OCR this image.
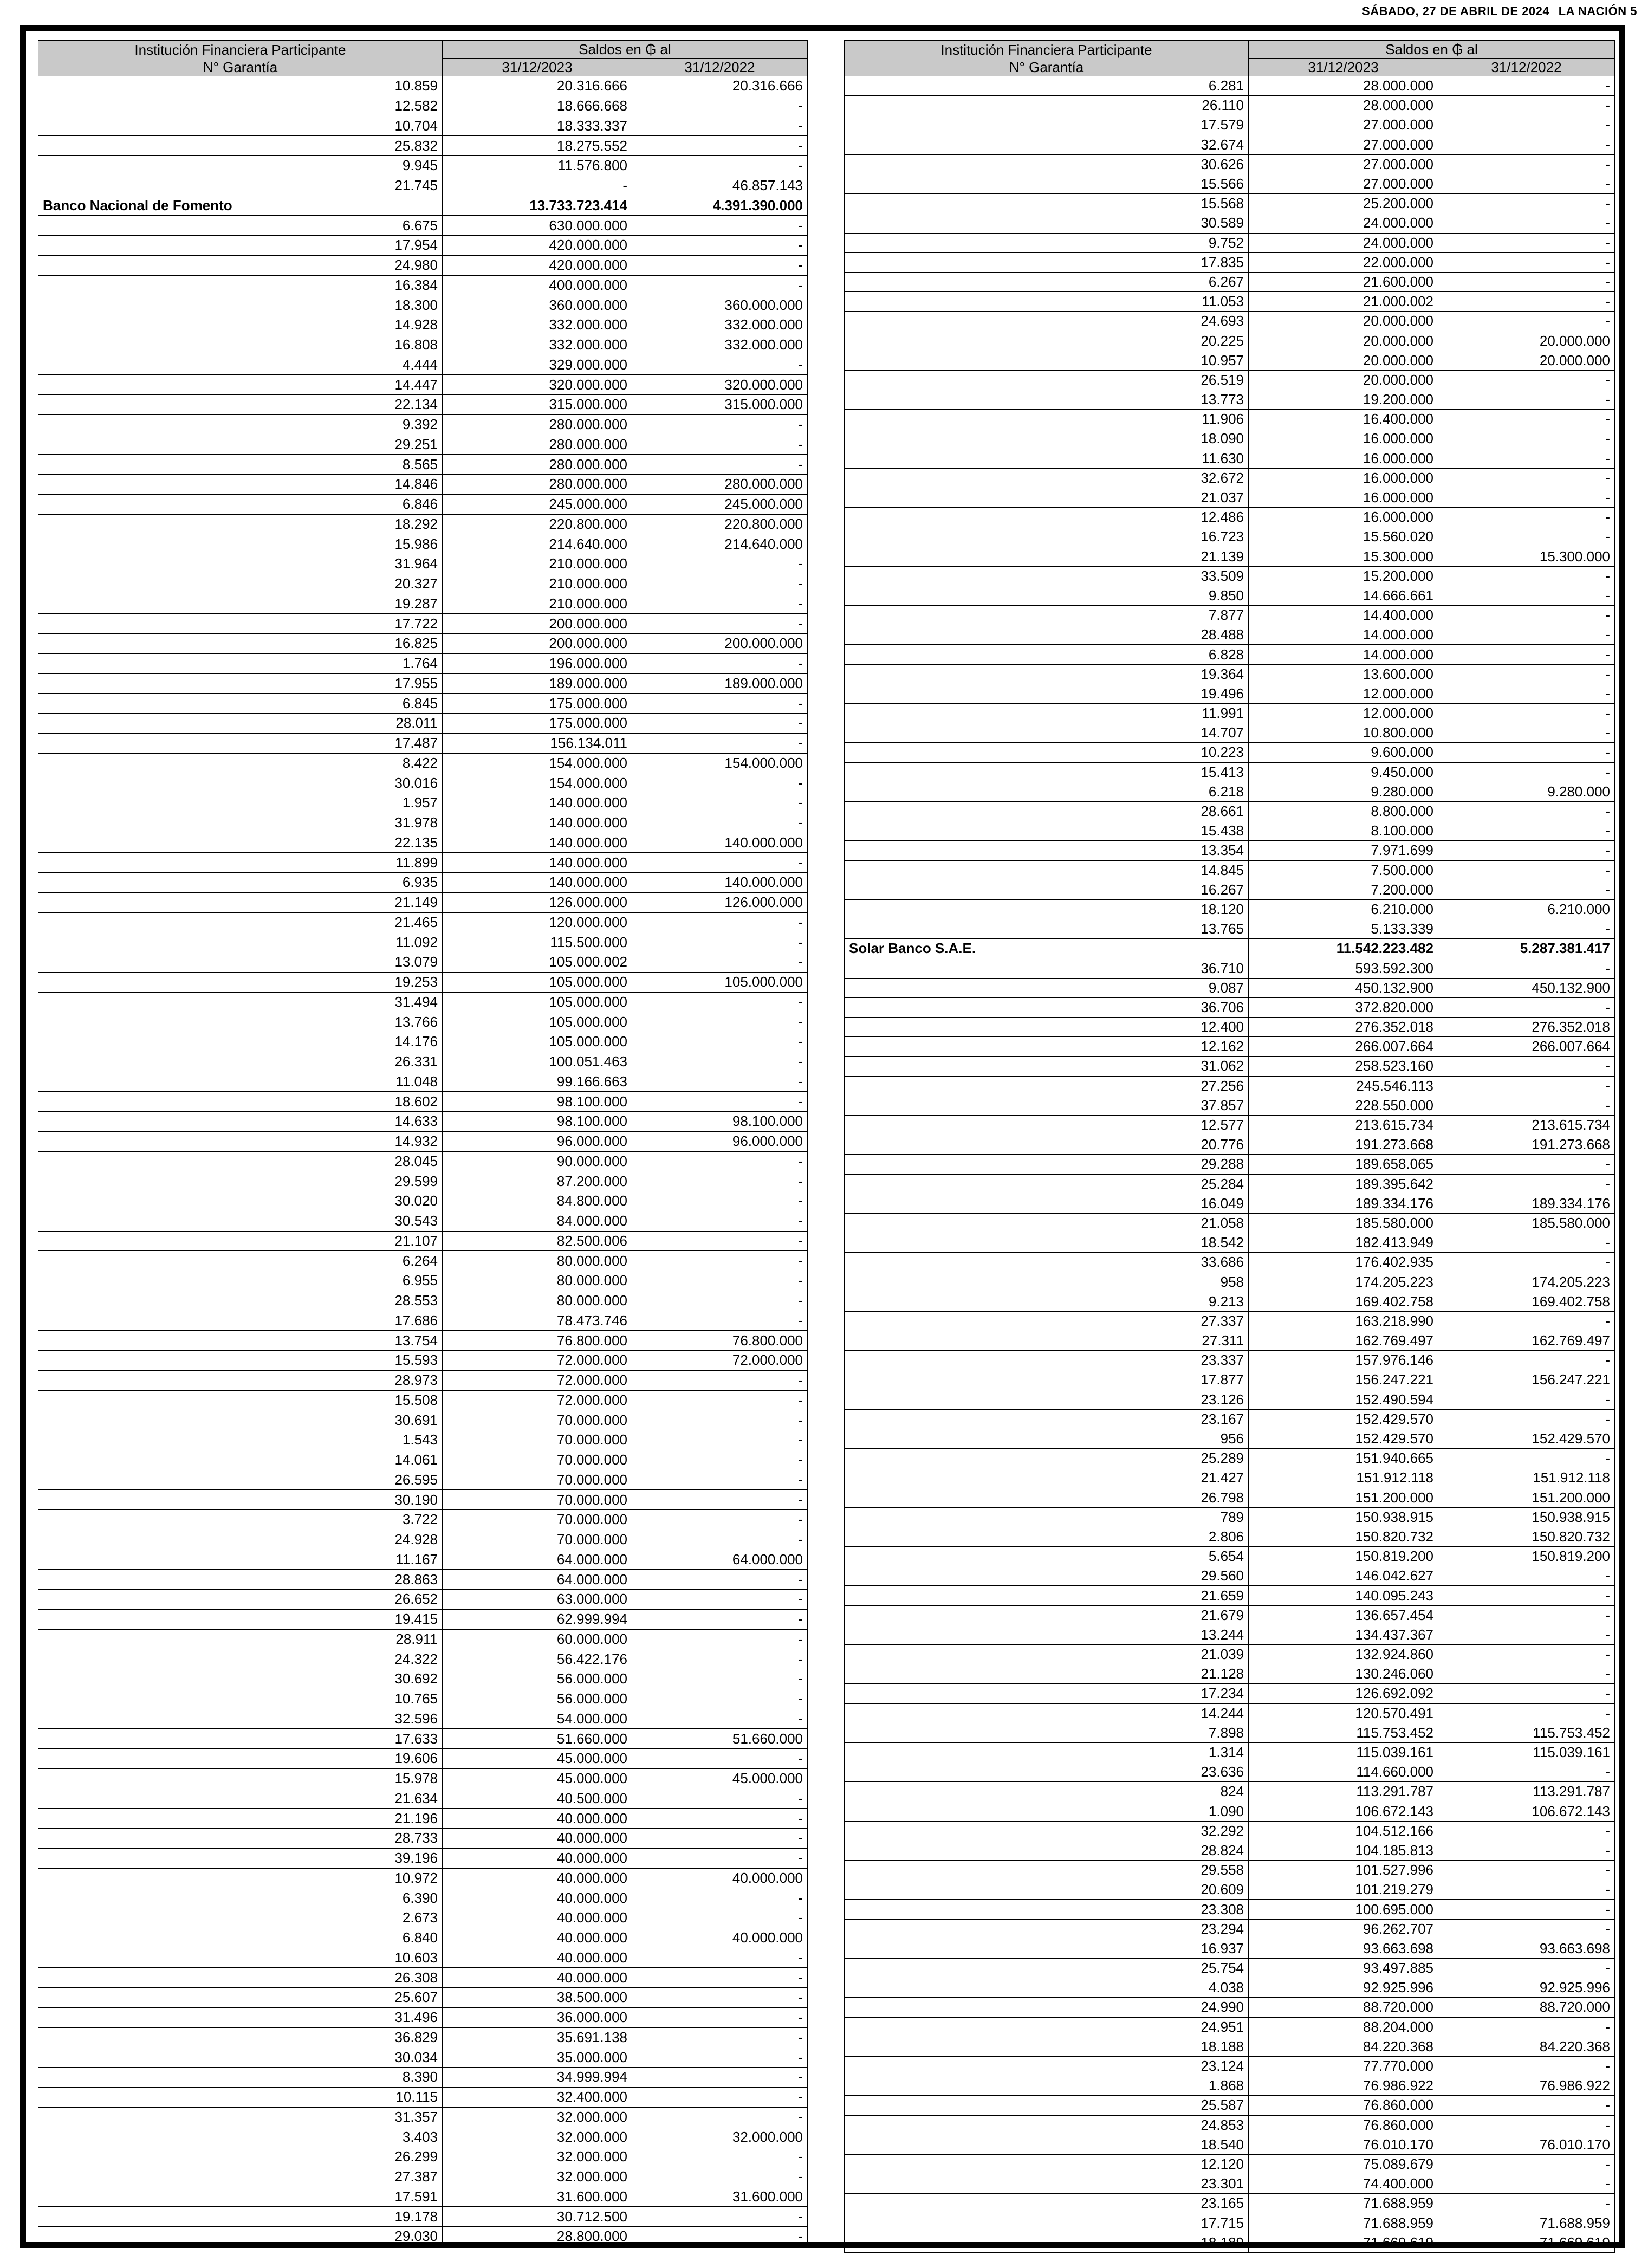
SÁBADO, 27 DE ABRIL DE 2024 LA NACIÓN 5
Institución Financiera Participante
N° Garantía	Saldos en ₲ al	
	31/12/2023	31/12/2022
10.859	20.316.666	20.316.666
12.582	18.666.668	-
10.704	18.333.337	-
25.832	18.275.552	-
9.945	11.576.800	-
21.745	-	46.857.143
Banco Nacional de Fomento	13.733.723.414	4.391.390.000
6.675	630.000.000	-
17.954	420.000.000	-
24.980	420.000.000	-
16.384	400.000.000	-
18.300	360.000.000	360.000.000
14.928	332.000.000	332.000.000
16.808	332.000.000	332.000.000
4.444	329.000.000	-
14.447	320.000.000	320.000.000
22.134	315.000.000	315.000.000
9.392	280.000.000	-
29.251	280.000.000	-
8.565	280.000.000	-
14.846	280.000.000	280.000.000
6.846	245.000.000	245.000.000
18.292	220.800.000	220.800.000
15.986	214.640.000	214.640.000
31.964	210.000.000	-
20.327	210.000.000	-
19.287	210.000.000	-
17.722	200.000.000	-
16.825	200.000.000	200.000.000
1.764	196.000.000	-
17.955	189.000.000	189.000.000
6.845	175.000.000	-
28.011	175.000.000	-
17.487	156.134.011	-
8.422	154.000.000	154.000.000
30.016	154.000.000	-
1.957	140.000.000	-
31.978	140.000.000	-
22.135	140.000.000	140.000.000
11.899	140.000.000	-
6.935	140.000.000	140.000.000
21.149	126.000.000	126.000.000
21.465	120.000.000	-
11.092	115.500.000	-
13.079	105.000.002	-
19.253	105.000.000	105.000.000
31.494	105.000.000	-
13.766	105.000.000	-
14.176	105.000.000	-
26.331	100.051.463	-
11.048	99.166.663	-
18.602	98.100.000	-
14.633	98.100.000	98.100.000
14.932	96.000.000	96.000.000
28.045	90.000.000	-
29.599	87.200.000	-
30.020	84.800.000	-
30.543	84.000.000	-
21.107	82.500.006	-
6.264	80.000.000	-
6.955	80.000.000	-
28.553	80.000.000	-
17.686	78.473.746	-
13.754	76.800.000	76.800.000
15.593	72.000.000	72.000.000
28.973	72.000.000	-
15.508	72.000.000	-
30.691	70.000.000	-
1.543	70.000.000	-
14.061	70.000.000	-
26.595	70.000.000	-
30.190	70.000.000	-
3.722	70.000.000	-
24.928	70.000.000	-
11.167	64.000.000	64.000.000
28.863	64.000.000	-
26.652	63.000.000	-
19.415	62.999.994	-
28.911	60.000.000	-
24.322	56.422.176	-
30.692	56.000.000	-
10.765	56.000.000	-
32.596	54.000.000	-
17.633	51.660.000	51.660.000
19.606	45.000.000	-
15.978	45.000.000	45.000.000
21.634	40.500.000	-
21.196	40.000.000	-
28.733	40.000.000	-
39.196	40.000.000	-
10.972	40.000.000	40.000.000
6.390	40.000.000	-
2.673	40.000.000	-
6.840	40.000.000	40.000.000
10.603	40.000.000	-
26.308	40.000.000	-
25.607	38.500.000	-
31.496	36.000.000	-
36.829	35.691.138	-
30.034	35.000.000	-
8.390	34.999.994	-
10.115	32.400.000	-
31.357	32.000.000	-
3.403	32.000.000	32.000.000
26.299	32.000.000	-
27.387	32.000.000	-
17.591	31.600.000	31.600.000
19.178	30.712.500	-
29.030	28.800.000	-
Institución Financiera Participante
N° Garantía	Saldos en ₲ al	
	31/12/2023	31/12/2022
6.281	28.000.000	-
26.110	28.000.000	-
17.579	27.000.000	-
32.674	27.000.000	-
30.626	27.000.000	-
15.566	27.000.000	-
15.568	25.200.000	-
30.589	24.000.000	-
9.752	24.000.000	-
17.835	22.000.000	-
6.267	21.600.000	-
11.053	21.000.002	-
24.693	20.000.000	-
20.225	20.000.000	20.000.000
10.957	20.000.000	20.000.000
26.519	20.000.000	-
13.773	19.200.000	-
11.906	16.400.000	-
18.090	16.000.000	-
11.630	16.000.000	-
32.672	16.000.000	-
21.037	16.000.000	-
12.486	16.000.000	-
16.723	15.560.020	-
21.139	15.300.000	15.300.000
33.509	15.200.000	-
9.850	14.666.661	-
7.877	14.400.000	-
28.488	14.000.000	-
6.828	14.000.000	-
19.364	13.600.000	-
19.496	12.000.000	-
11.991	12.000.000	-
14.707	10.800.000	-
10.223	9.600.000	-
15.413	9.450.000	-
6.218	9.280.000	9.280.000
28.661	8.800.000	-
15.438	8.100.000	-
13.354	7.971.699	-
14.845	7.500.000	-
16.267	7.200.000	-
18.120	6.210.000	6.210.000
13.765	5.133.339	-
Solar Banco S.A.E.	11.542.223.482	5.287.381.417
36.710	593.592.300	-
9.087	450.132.900	450.132.900
36.706	372.820.000	-
12.400	276.352.018	276.352.018
12.162	266.007.664	266.007.664
31.062	258.523.160	-
27.256	245.546.113	-
37.857	228.550.000	-
12.577	213.615.734	213.615.734
20.776	191.273.668	191.273.668
29.288	189.658.065	-
25.284	189.395.642	-
16.049	189.334.176	189.334.176
21.058	185.580.000	185.580.000
18.542	182.413.949	-
33.686	176.402.935	-
958	174.205.223	174.205.223
9.213	169.402.758	169.402.758
27.337	163.218.990	-
27.311	162.769.497	162.769.497
23.337	157.976.146	-
17.877	156.247.221	156.247.221
23.126	152.490.594	-
23.167	152.429.570	-
956	152.429.570	152.429.570
25.289	151.940.665	-
21.427	151.912.118	151.912.118
26.798	151.200.000	151.200.000
789	150.938.915	150.938.915
2.806	150.820.732	150.820.732
5.654	150.819.200	150.819.200
29.560	146.042.627	-
21.659	140.095.243	-
21.679	136.657.454	-
13.244	134.437.367	-
21.039	132.924.860	-
21.128	130.246.060	-
17.234	126.692.092	-
14.244	120.570.491	-
7.898	115.753.452	115.753.452
1.314	115.039.161	115.039.161
23.636	114.660.000	-
824	113.291.787	113.291.787
1.090	106.672.143	106.672.143
32.292	104.512.166	-
28.824	104.185.813	-
29.558	101.527.996	-
20.609	101.219.279	-
23.308	100.695.000	-
23.294	96.262.707	-
16.937	93.663.698	93.663.698
25.754	93.497.885	-
4.038	92.925.996	92.925.996
24.990	88.720.000	88.720.000
24.951	88.204.000	-
18.188	84.220.368	84.220.368
23.124	77.770.000	-
1.868	76.986.922	76.986.922
25.587	76.860.000	-
24.853	76.860.000	-
18.540	76.010.170	76.010.170
12.120	75.089.679	-
23.301	74.400.000	-
23.165	71.688.959	-
17.715	71.688.959	71.688.959
18.189	71.669.619	71.669.619
